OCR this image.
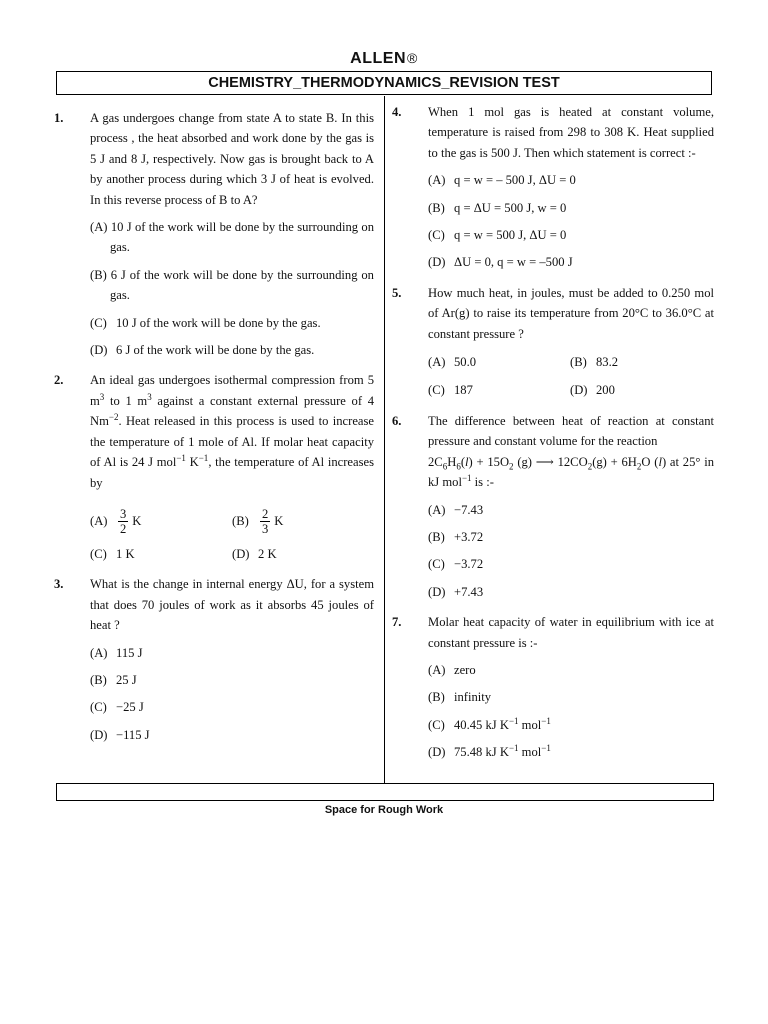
ALLEN®
CHEMISTRY_THERMODYNAMICS_REVISION TEST
1. A gas undergoes change from state A to state B. In this process , the heat absorbed and work done by the gas is 5 J and 8 J, respectively. Now gas is brought back to A by another process during which 3 J of heat is evolved. In this reverse process of B to A?
(A) 10 J of the work will be done by the surrounding on gas.
(B) 6 J of the work will be done by the surrounding on gas.
(C) 10 J of the work will be done by the gas.
(D) 6 J of the work will be done by the gas.
2. An ideal gas undergoes isothermal compression from 5 $m^3$ to 1 $m^3$ against a constant external pressure of 4 $Nm^{-2}$. Heat released in this process is used to increase the temperature of 1 mole of Al. If molar heat capacity of Al is 24 J mol$^{-1}$ $K^{-1}$, the temperature of Al increases by
$(A) \frac{3}{2}$ K	$(B) \frac{2}{3}$ K
(C) 1 K	(D) 2 K
3. What is the change in internal energy ΔU, for a system that does 70 joules of work as it absorbs 45 joules of heat ?
(A) 115 J
(B) 25 J
(C) −25 J
(D) −115 J
4. When 1 mol gas is heated at constant volume, temperature is raised from 298 to 308 K. Heat supplied to the gas is 500 J. Then which statement is correct :-
(A) q = w = – 500 J, ΔU = 0
(B) q = ΔU = 500 J, w = 0
(C) q = w = 500 J, ΔU = 0
(D) ΔU = 0, q = w = –500 J
5. How much heat, in joules, must be added to 0.250 mol of Ar(g) to raise its temperature from 20°C to 36.0°C at constant pressure ?
(A) 50.0	(B) 83.2
(C) 187	(D) 200
6. The difference between heat of reaction at constant pressure and constant volume for the reaction
$2C_6H_6(l) + 15O_2$ (g) ⟶ $12CO_2(g) + 6H_2O$ (l) at 25° in kJ mol$^{-1}$ is :-
(A) −7.43
(B) +3.72
(C) −3.72
(D) +7.43
7. Molar heat capacity of water in equilibrium with ice at constant pressure is :-
(A) zero
(B) infinity
(C) 40.45 kJ $K^{-1}$ mol$^{-1}$
(D) 75.48 kJ $K^{-1}$ mol$^{-1}$
Space for Rough Work
